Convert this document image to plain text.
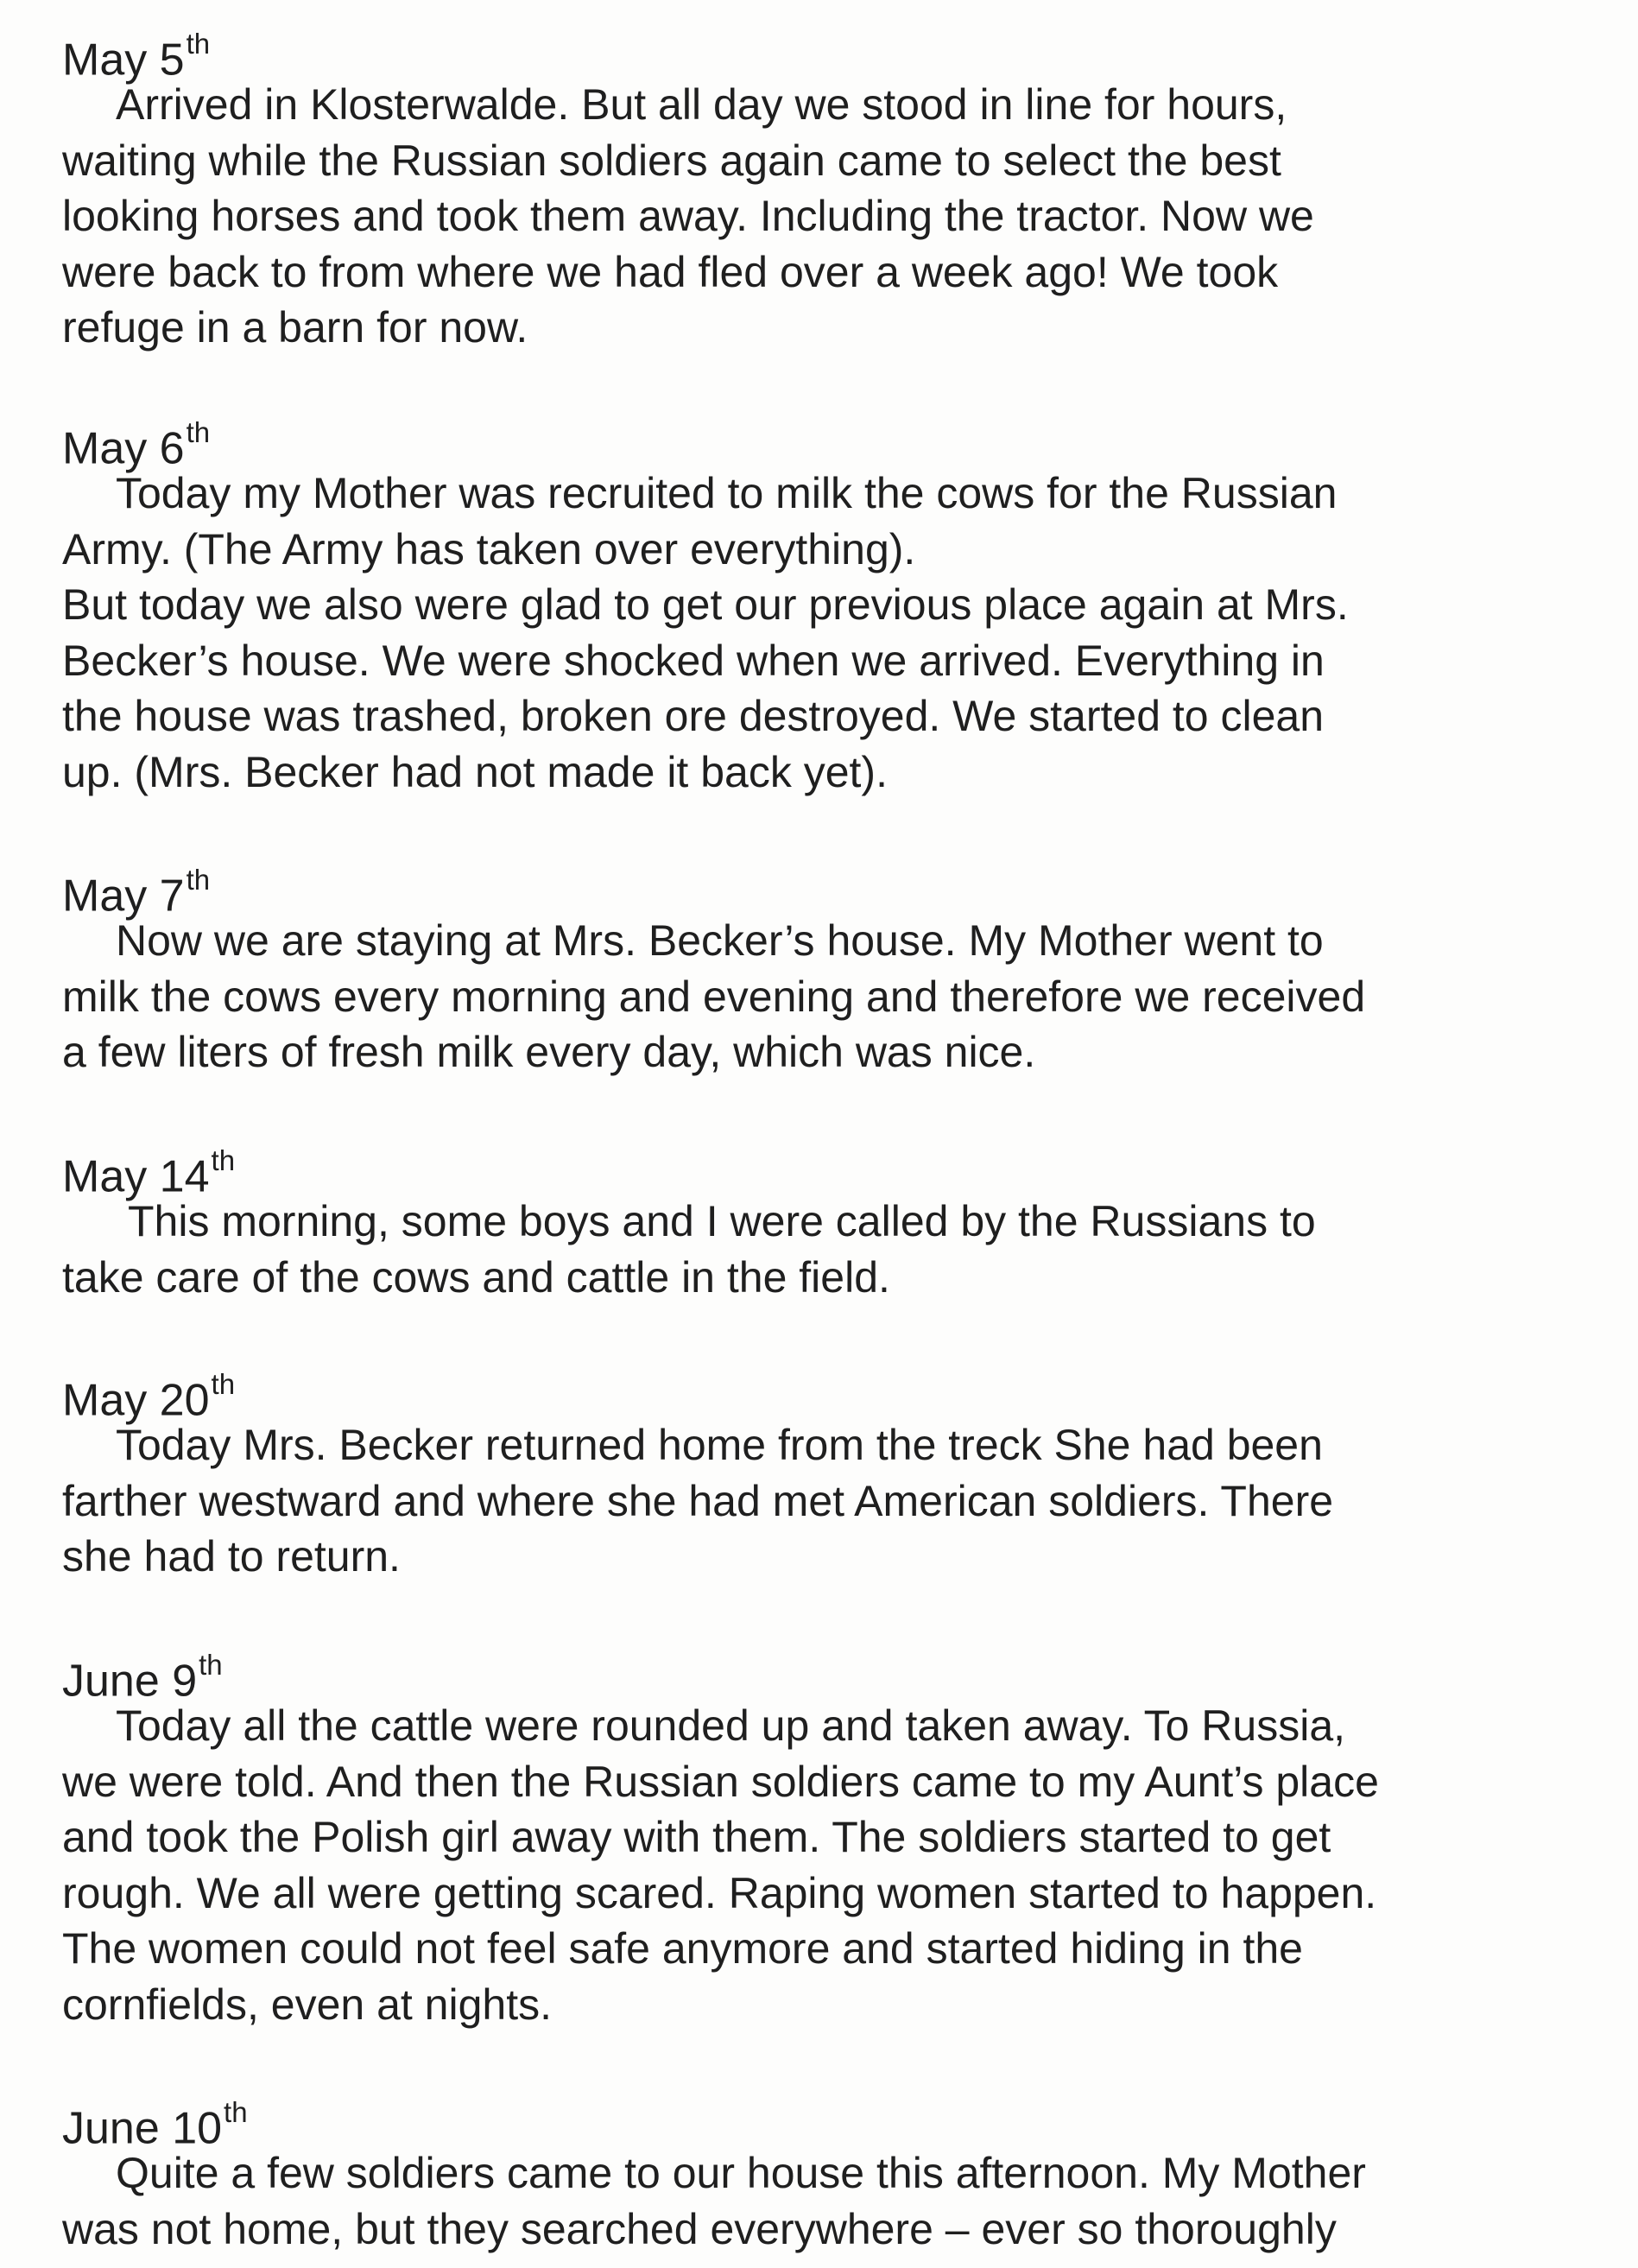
May 5th
Arrived in Klosterwalde. But all day we stood in line for hours,
waiting while the Russian soldiers again came to select the best
looking horses and took them away. Including the tractor. Now we
were back to from where we had fled over a week ago! We took
refuge in a barn for now.
May 6th
Today my Mother was recruited to milk the cows for the Russian
Army. (The Army has taken over everything).
But today we also were glad to get our previous place again at Mrs.
Becker’s house. We were shocked when we arrived. Everything in
the house was trashed, broken ore destroyed. We started to clean
up. (Mrs. Becker had not made it back yet).
May 7th
Now we are staying at Mrs. Becker’s house. My Mother went to
milk the cows every morning and evening and therefore we received
a few liters of fresh milk every day, which was nice.
May 14th
This morning, some boys and I were called by the Russians to
take care of the cows and cattle in the field.
May 20th
Today Mrs. Becker returned home from the treck She had been
farther westward and where she had met American soldiers. There
she had to return.
June 9th
Today all the cattle were rounded up and taken away. To Russia,
we were told. And then the Russian soldiers came to my Aunt’s place
and took the Polish girl away with them. The soldiers started to get
rough. We all were getting scared. Raping women started to happen.
The women could not feel safe anymore and started hiding in the
cornfields, even at nights.
June 10th
Quite a few soldiers came to our house this afternoon. My Mother
was not home, but they searched everywhere – ever so thoroughly
